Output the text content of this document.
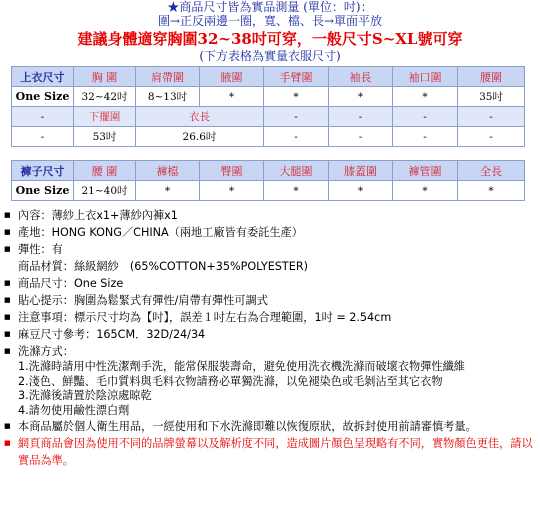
★商品尺寸皆為實品測量 (單位：吋)：
圍→正反兩邊一圈，寬、檔、長→單面平放
建議身體適穿胸圍32~38吋可穿，一般尺寸S~XL號可穿
(下方表格為實量衣服尺寸)
上衣尺寸	胸 圍	肩帶圍	腋圍	手臂圍	袖長	袖口圍	腰圍
One Size	32~42吋	8~13吋	*	*	*	*	35吋
-	下擺圍	衣長		-	-	-	-
-	53吋	26.6吋		-	-	-	-
褲子尺寸	腰 圍	褲檔	臀圍	大腿圍	膝蓋圍	褲管圍	全長
One Size	21~40吋	*	*	*	*	*	*
■ 內容：薄紗上衣x1+薄紗內褲x1
■ 產地：HONG KONG／CHINA（兩地工廠皆有委託生產）
■ 彈性：有
商品材質：絲級網紗　(65%COTTON+35%POLYESTER)
■ 商品尺寸：One Size
■ 貼心提示：胸圍為鬆緊式有彈性/肩帶有彈性可調式
■ 注意事項：標示尺寸均為【吋】，誤差１吋左右為合理範圍，1吋 = 2.54cm
■ 麻豆尺寸參考：165CM．32D/24/34
■ 洗滌方式：
1.洗滌時請用中性洗潔劑手洗，能常保服裝壽命，避免使用洗衣機洗滌而破壞衣物彈性纖維
2.淺色、鮮豔、毛巾質料與毛料衣物請務必單獨洗滌，以免褪染色或毛剝沾至其它衣物
3.洗滌後請置於陰涼處晾乾
4.請勿使用鹼性漂白劑
■ 本商品屬於個人衛生用品，一經使用和下水洗滌即難以恢復原狀，故拆封使用前請審慎考量。
■ 網頁商品會因為使用不同的品牌螢幕以及解析度不同，造成圖片顏色呈現略有不同，實物顏色更佳，請以實品為準。
